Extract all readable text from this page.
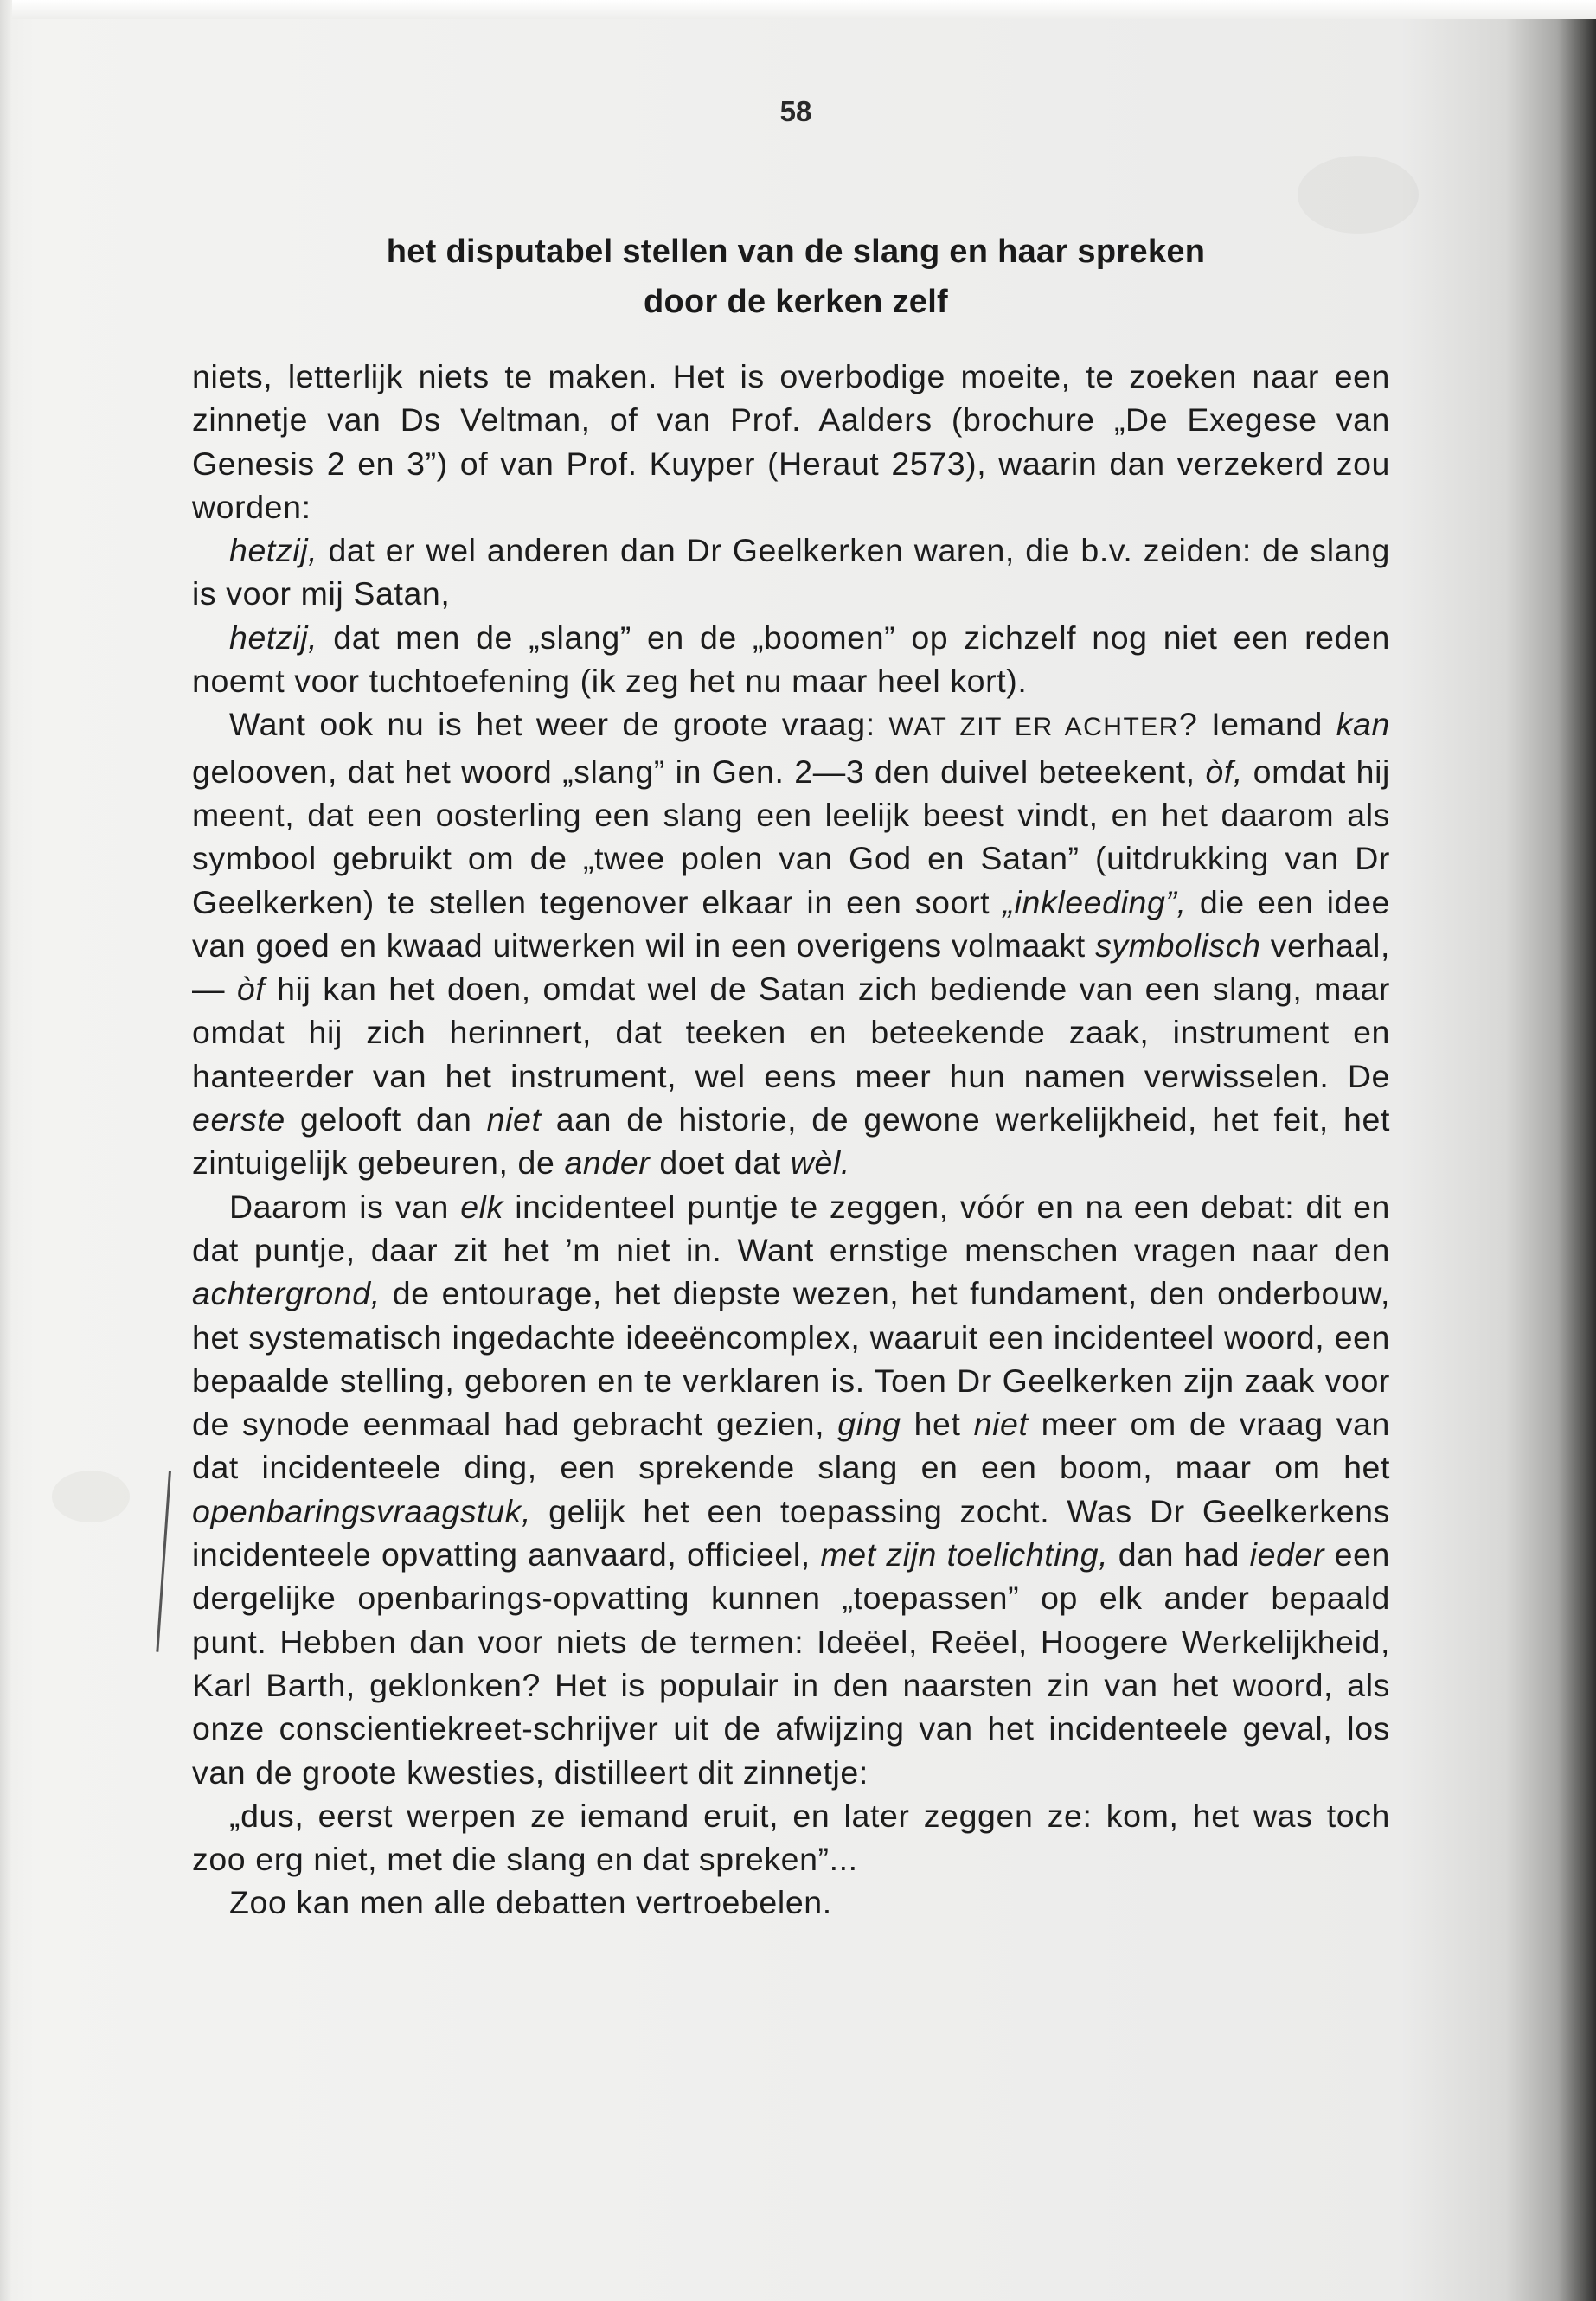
58
het disputabel stellen van de slang en haar spreken
door de kerken zelf

niets, letterlijk niets te maken. Het is overbodige moeite, te zoeken naar een zinnetje van Ds Veltman, of van Prof. Aalders (brochure „De Exegese van Genesis 2 en 3”) of van Prof. Kuyper (Heraut 2573), waarin dan verzekerd zou worden:

hetzij, dat er wel anderen dan Dr Geelkerken waren, die b.v. zeiden: de slang is voor mij Satan,

hetzij, dat men de „slang” en de „boomen” op zichzelf nog niet een reden noemt voor tuchtoefening (ik zeg het nu maar heel kort).

Want ook nu is het weer de groote vraag: WAT ZIT ER ACHTER? Iemand kan gelooven, dat het woord „slang” in Gen. 2—3 den duivel beteekent, òf, omdat hij meent, dat een oosterling een slang een leelijk beest vindt, en het daarom als symbool gebruikt om de „twee polen van God en Satan” (uitdrukking van Dr Geelkerken) te stellen tegenover elkaar in een soort „inkleeding”, die een idee van goed en kwaad uitwerken wil in een overigens volmaakt symbolisch verhaal, — òf hij kan het doen, omdat wel de Satan zich bediende van een slang, maar omdat hij zich herinnert, dat teeken en beteekende zaak, instrument en hanteerder van het instrument, wel eens meer hun namen verwisselen. De eerste gelooft dan niet aan de historie, de gewone werkelijkheid, het feit, het zintuigelijk gebeuren, de ander doet dat wèl.

Daarom is van elk incidenteel puntje te zeggen, vóór en na een debat: dit en dat puntje, daar zit het ’m niet in. Want ernstige menschen vragen naar den achtergrond, de entourage, het diepste wezen, het fundament, den onderbouw, het systematisch ingedachte ideeëncomplex, waaruit een incidenteel woord, een bepaalde stelling, geboren en te verklaren is. Toen Dr Geelkerken zijn zaak voor de synode eenmaal had gebracht gezien, ging het niet meer om de vraag van dat incidenteele ding, een sprekende slang en een boom, maar om het openbaringsvraagstuk, gelijk het een toepassing zocht. Was Dr Geelkerkens incidenteele opvatting aanvaard, officieel, met zijn toelichting, dan had ieder een dergelijke openbarings-opvatting kunnen „toepassen” op elk ander bepaald punt. Hebben dan voor niets de termen: Ideëel, Reëel, Hoogere Werkelijkheid, Karl Barth, geklonken? Het is populair in den naarsten zin van het woord, als onze conscientiekreet-schrijver uit de afwijzing van het incidenteele geval, los van de groote kwesties, distilleert dit zinnetje:

„dus, eerst werpen ze iemand eruit, en later zeggen ze: kom, het was toch zoo erg niet, met die slang en dat spreken”...

Zoo kan men alle debatten vertroebelen.
